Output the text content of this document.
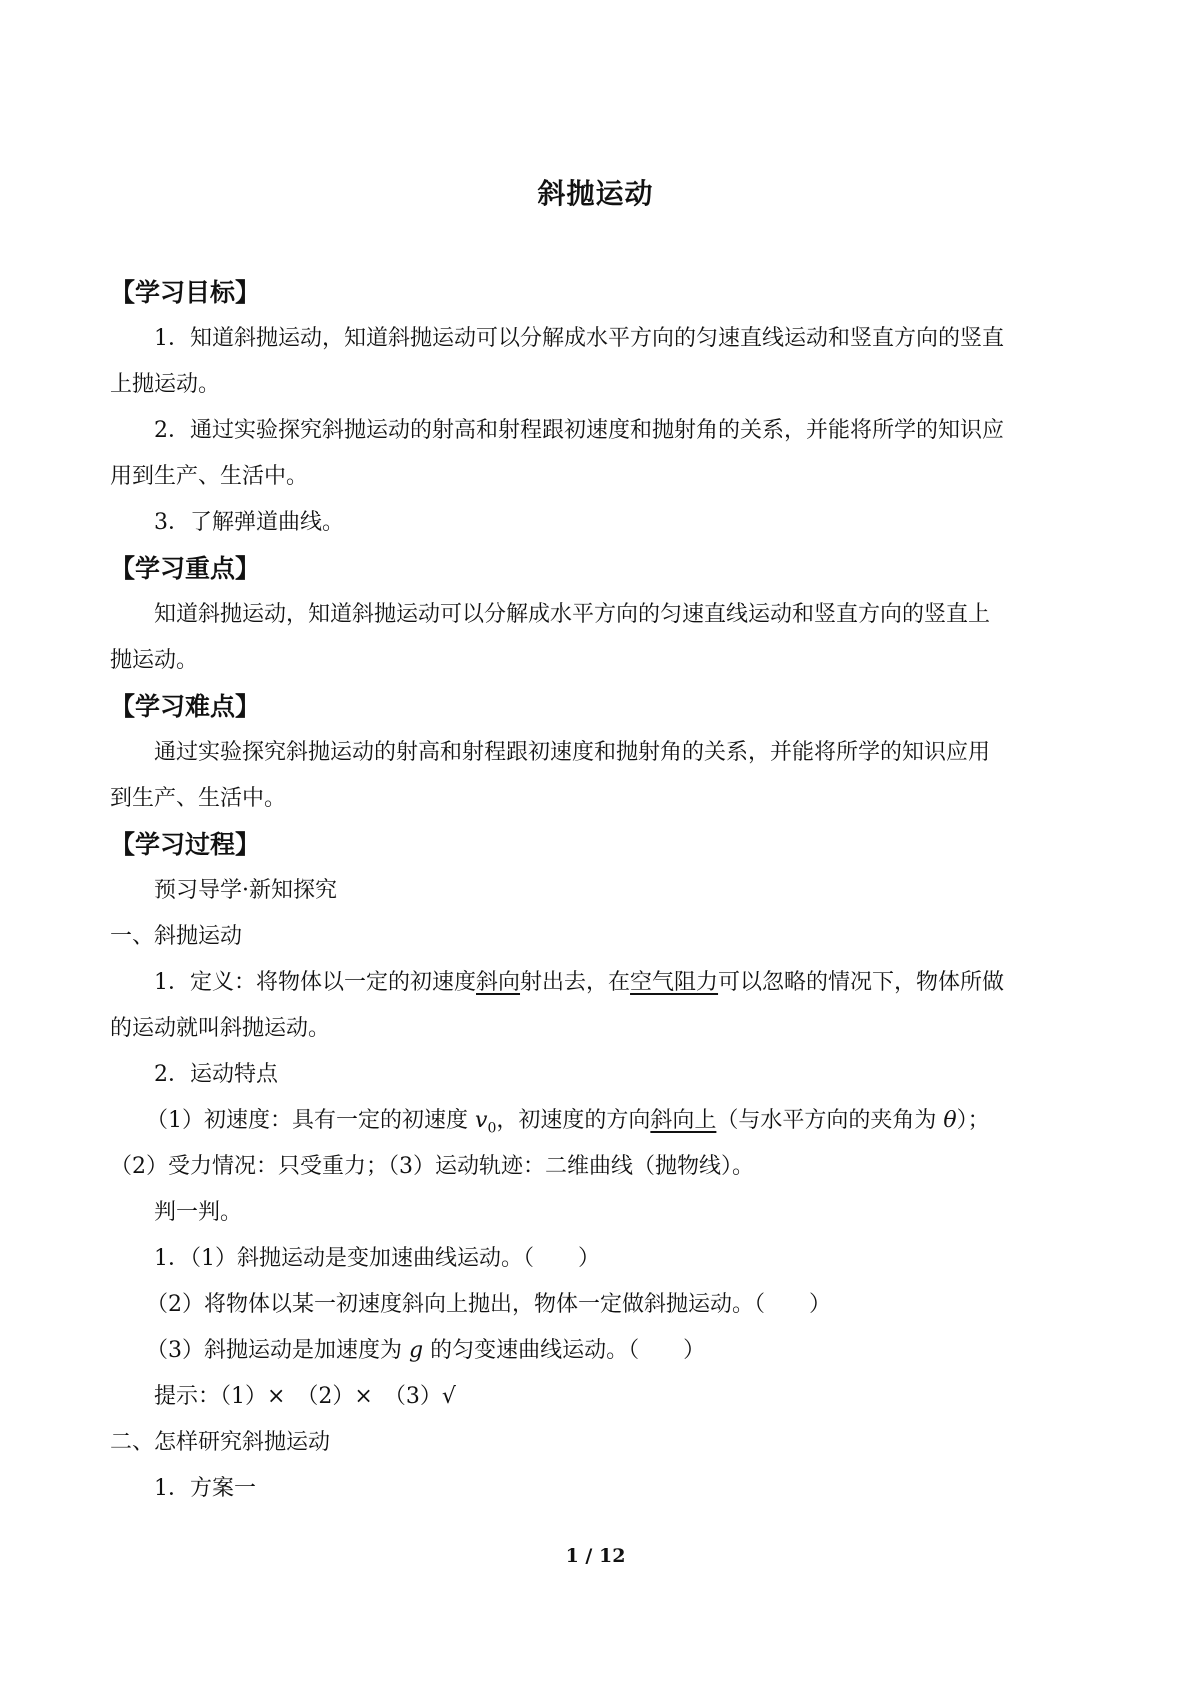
斜抛运动
【学习目标】
1．知道斜抛运动，知道斜抛运动可以分解成水平方向的匀速直线运动和竖直方向的竖直
上抛运动。
2．通过实验探究斜抛运动的射高和射程跟初速度和抛射角的关系，并能将所学的知识应
用到生产、生活中。
3．了解弹道曲线。
【学习重点】
知道斜抛运动，知道斜抛运动可以分解成水平方向的匀速直线运动和竖直方向的竖直上
抛运动。
【学习难点】
通过实验探究斜抛运动的射高和射程跟初速度和抛射角的关系，并能将所学的知识应用
到生产、生活中。
【学习过程】
预习导学·新知探究
一、斜抛运动
1．定义：将物体以一定的初速度斜向射出去，在空气阻力可以忽略的情况下，物体所做
的运动就叫斜抛运动。
2．运动特点
（1）初速度：具有一定的初速度 $v_0$，初速度的方向斜向上（与水平方向的夹角为 θ）；
（2）受力情况：只受重力；（3）运动轨迹：二维曲线（抛物线）。
判一判。
1．（1）斜抛运动是变加速曲线运动。（　　）
（2）将物体以某一初速度斜向上抛出，物体一定做斜抛运动。（　　）
（3）斜抛运动是加速度为 g 的匀变速曲线运动。（　　）
提示：（1）×　（2）×　（3）√
二、怎样研究斜抛运动
1．方案一
1 / 12
